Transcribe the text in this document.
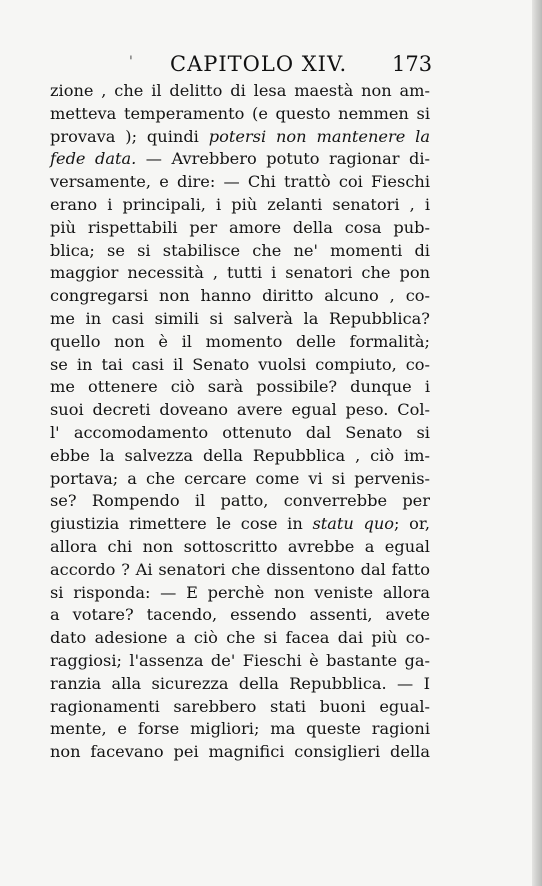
' CAPITOLO XIV. 173
zione , che il delitto di lesa maestà non am-
metteva temperamento (e questo nemmen si
provava ); quindi potersi non mantenere la
fede data. — Avrebbero potuto ragionar di-
versamente, e dire: — Chi trattò coi Fieschi
erano i principali, i più zelanti senatori , i
più rispettabili per amore della cosa pub-
blica; se si stabilisce che ne' momenti di
maggior necessità , tutti i senatori che pon
congregarsi non hanno diritto alcuno , co-
me in casi simili si salverà la Repubblica?
quello non è il momento delle formalità;
se in tai casi il Senato vuolsi compiuto, co-
me ottenere ciò sarà possibile? dunque i
suoi decreti doveano avere egual peso. Col-
l' accomodamento ottenuto dal Senato si
ebbe la salvezza della Repubblica , ciò im-
portava; a che cercare come vi si pervenis-
se? Rompendo il patto, converrebbe per
giustizia rimettere le cose in statu quo; or,
allora chi non sottoscritto avrebbe a egual
accordo ? Ai senatori che dissentono dal fatto
si risponda: — E perchè non veniste allora
a votare? tacendo, essendo assenti, avete
dato adesione a ciò che si facea dai più co-
raggiosi; l'assenza de' Fieschi è bastante ga-
ranzia alla sicurezza della Repubblica. — I
ragionamenti sarebbero stati buoni egual-
mente, e forse migliori; ma queste ragioni
non facevano pei magnifici consiglieri della
